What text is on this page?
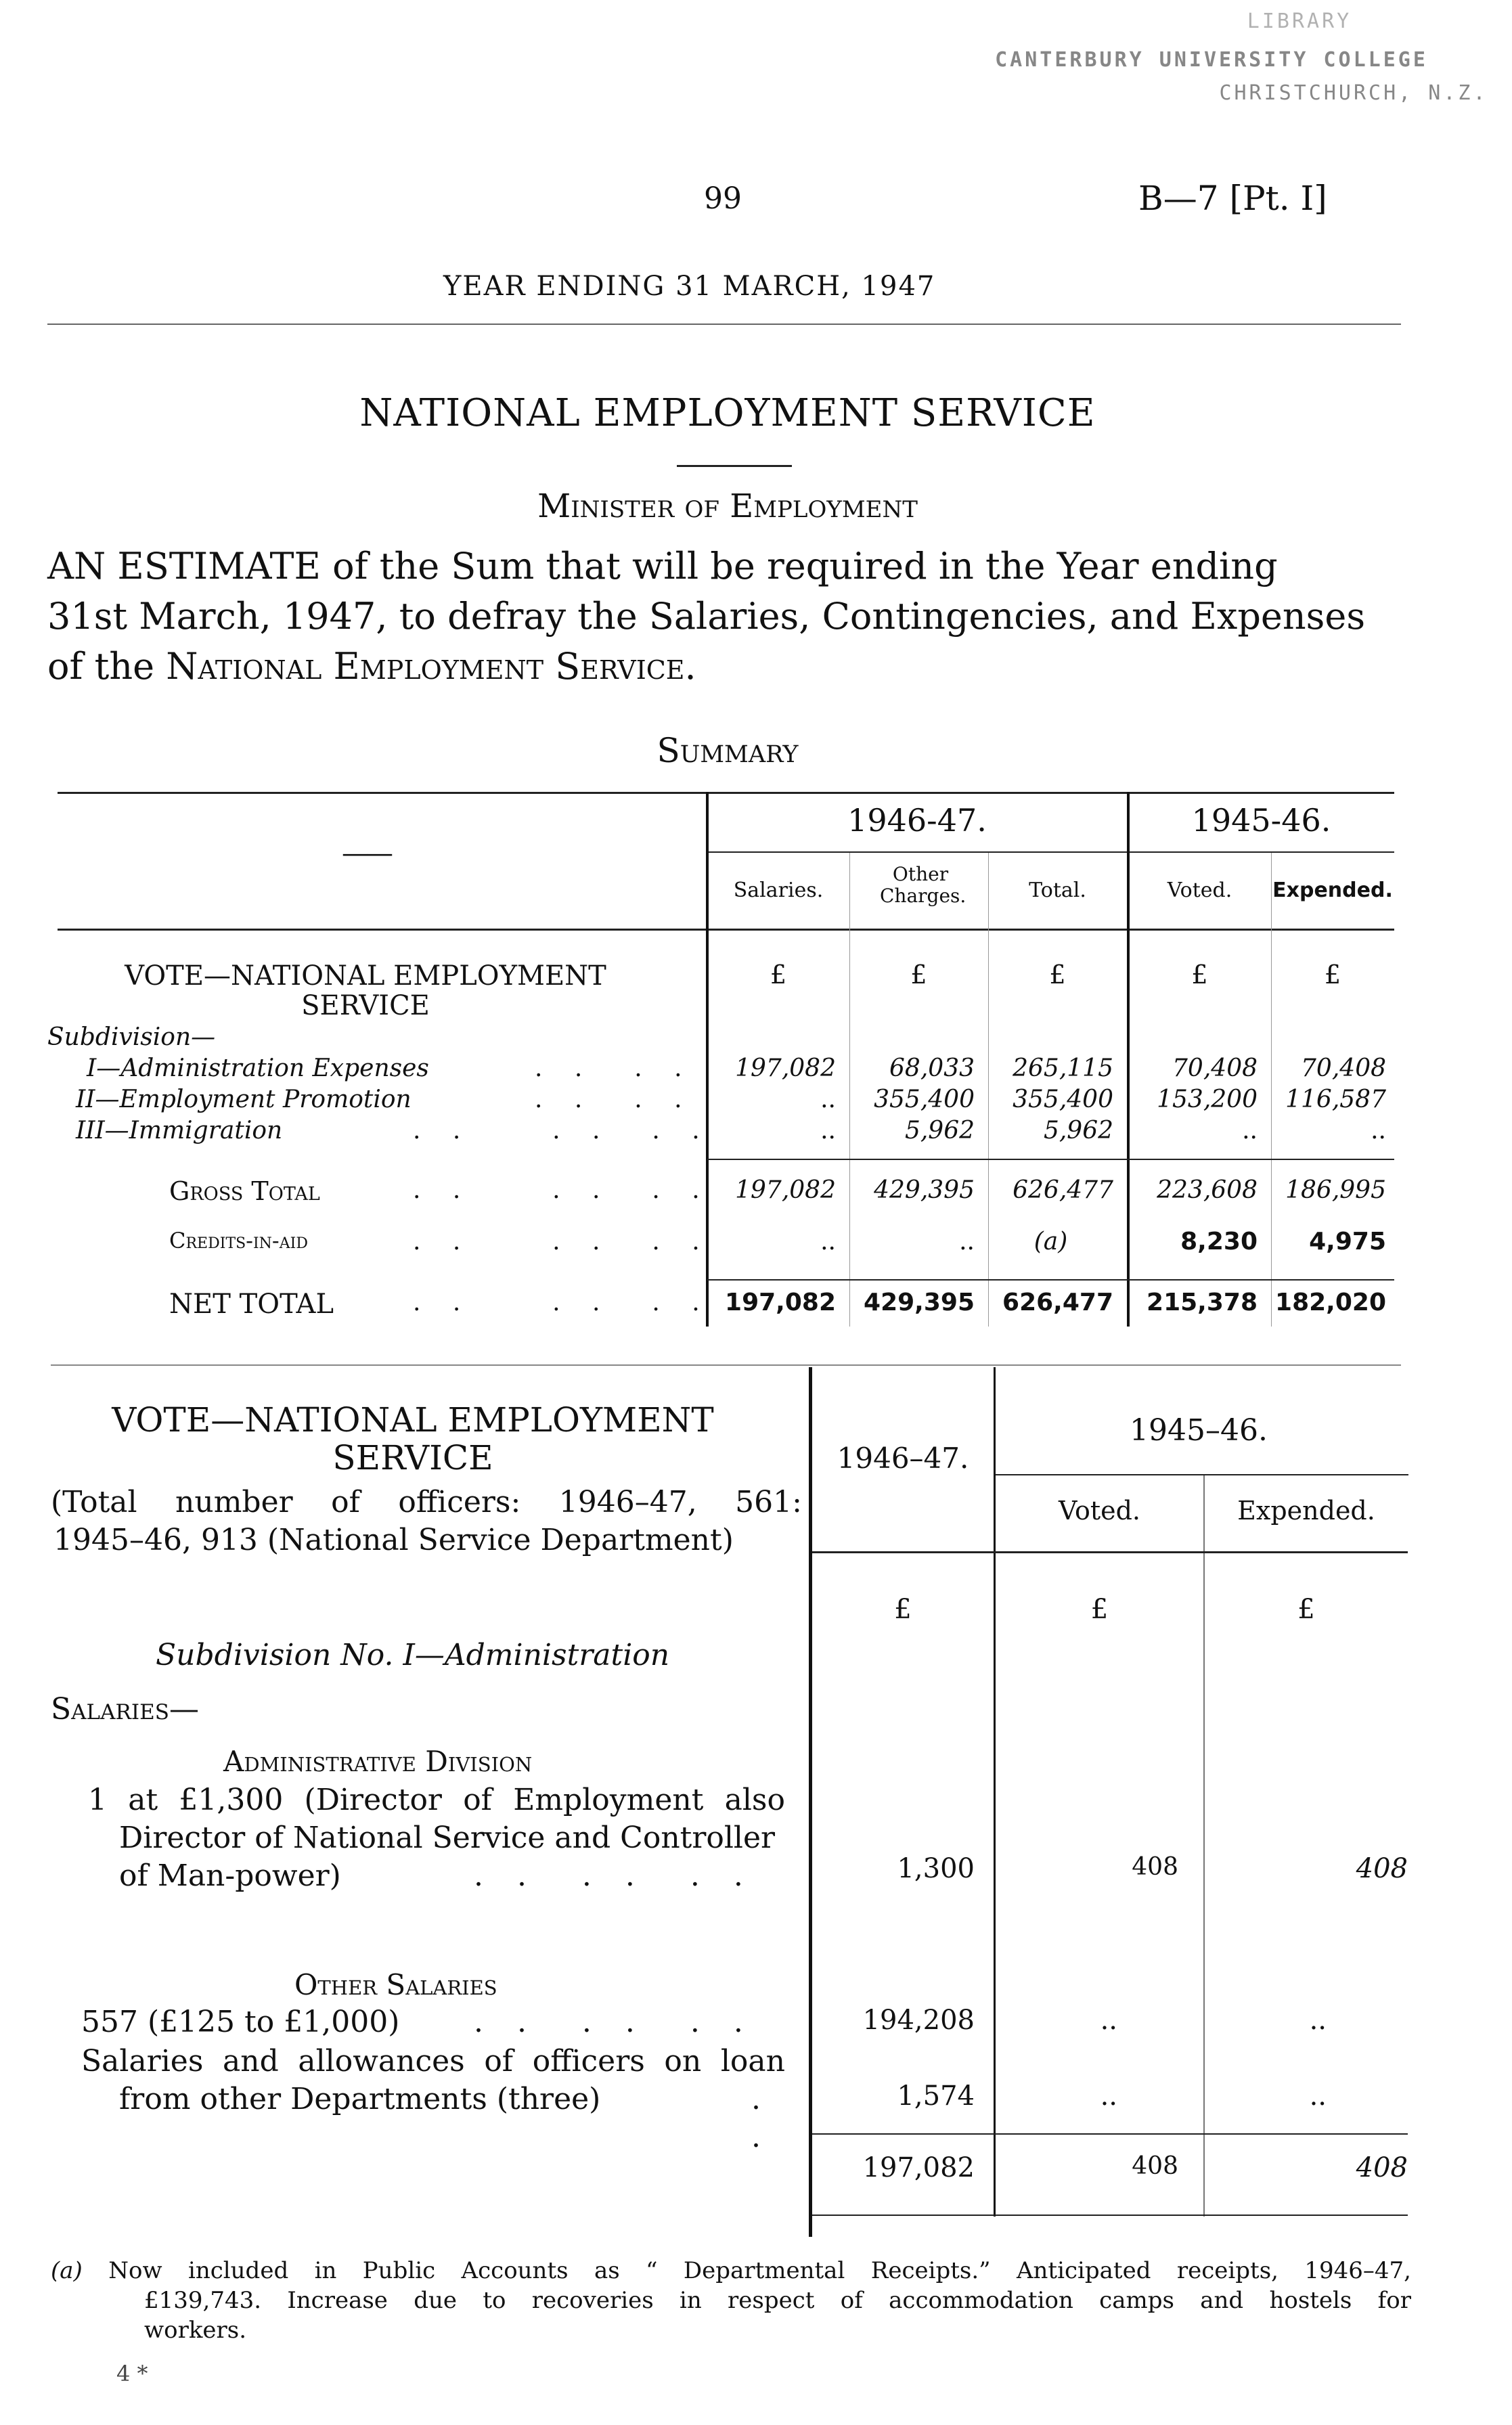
LIBRARY
CANTERBURY UNIVERSITY COLLEGE
CHRISTCHURCH, N.Z.
99	B—7 [Pt. I]
YEAR ENDING 31 MARCH, 1947
NATIONAL EMPLOYMENT SERVICE
Minister of Employment
AN ESTIMATE of the Sum that will be required in the Year ending
31st March, 1947, to defray the Salaries, Contingencies, and Expenses
of the National Employment Service.
Summary
——
1946-47.	1945-46.
Salaries.
Other Charges.	Total.	Voted.	Expended.
£	£	£	£	£
VOTE—NATIONAL EMPLOYMENT
SERVICE
Subdivision—
I—Administration Expenses	. .  . .	197,082	68,033	265,115	70,408	70,408
II—Employment Promotion	. .  . .	..	355,400	355,400	153,200	116,587
III—Immigration	. .    . .  . .	..	5,962	5,962	..	..
Gross Total	. .    . .  . . 197,082	429,395	626,477	223,608	186,995
Credits-in-aid	. .    . .  . .	..	..	(a)	8,230	4,975
NET TOTAL	. .    . .  . . 197,082	429,395	626,477	215,378 182,020
VOTE—NATIONAL EMPLOYMENT
SERVICE
(Total number of officers: 1946–47, 561:
1945–46, 913 (National Service Department)
1946–47.
1945–46.
Voted.	Expended.
£	£	£
Subdivision No. I—Administration
Salaries—
Administrative Division
1 at £1,300 (Director of Employment also
Director of National Service and Controller
of Man-power)	. .  . .  . .	1,300	408	408
Other Salaries
557 (£125 to £1,000) . .  . .  . .	194,208	..	..
Salaries and allowances of officers on loan
from other Departments (three)	. .
1,574	..	..
197,082	408	408
(a) Now included in Public Accounts as “ Departmental Receipts.” Anticipated receipts, 1946–47,
£139,743. Increase due to recoveries in respect of accommodation camps and hostels for
workers.
4 *
